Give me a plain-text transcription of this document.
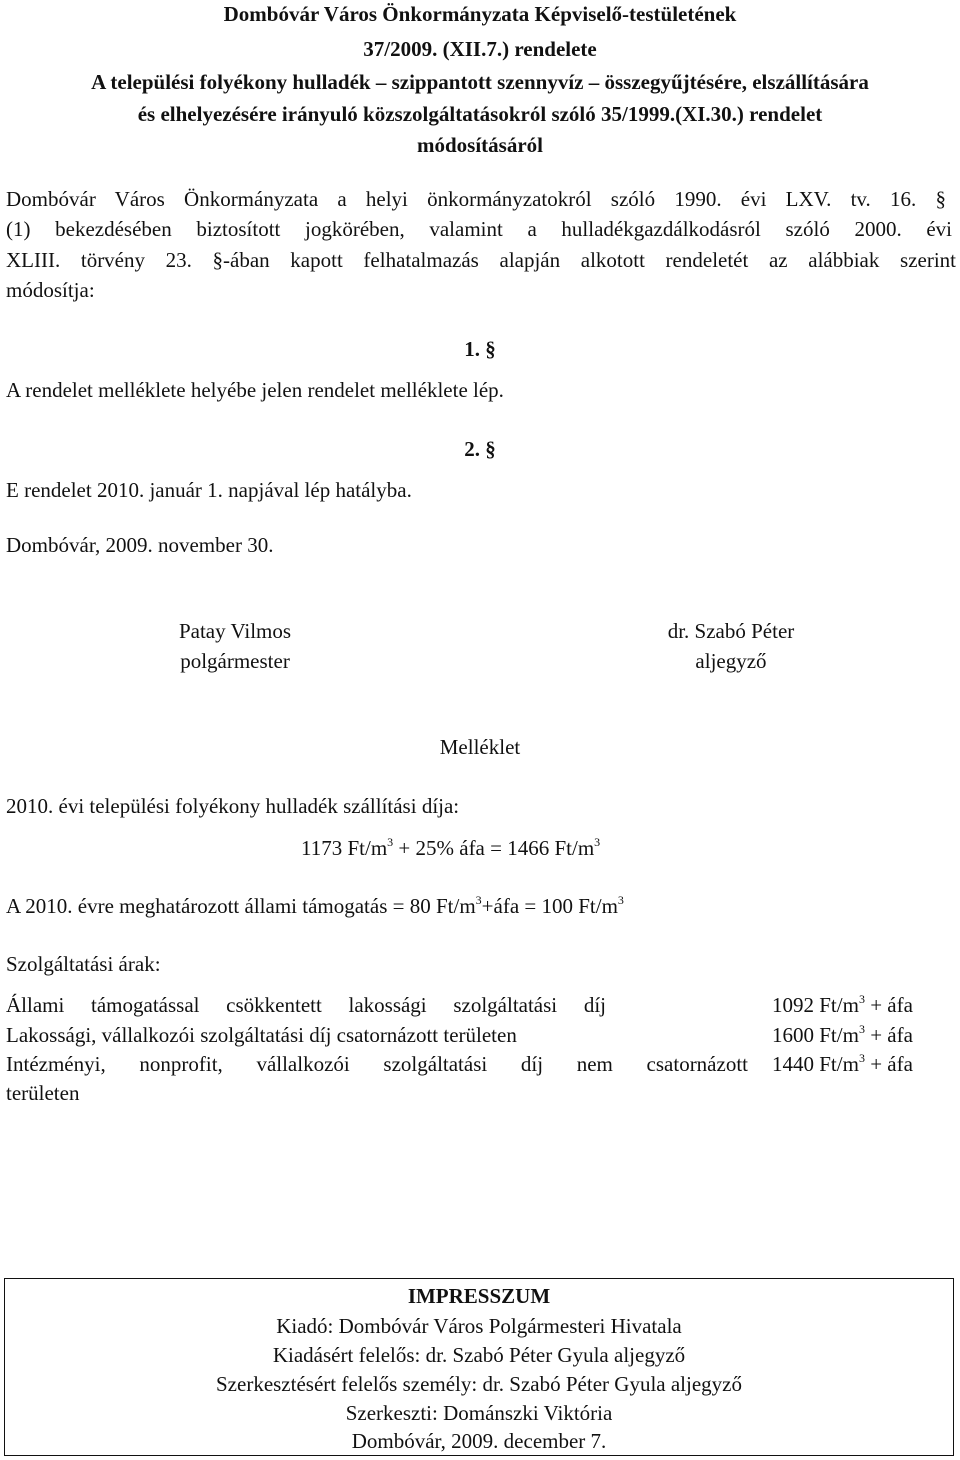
Dombóvár Város Önkormányzata Képviselő-testületének
37/2009. (XII.7.) rendelete
A települési folyékony hulladék – szippantott szennyvíz – összegyűjtésére, elszállítására
és elhelyezésére irányuló közszolgáltatásokról szóló 35/1999.(XI.30.) rendelet
módosításáról
Dombóvár Város Önkormányzata a helyi önkormányzatokról szóló 1990. évi LXV. tv. 16. §
(1) bekezdésében biztosított jogkörében, valamint a hulladékgazdálkodásról szóló 2000. évi
XLIII. törvény 23. §-ában kapott felhatalmazás alapján alkotott rendeletét az alábbiak szerint
módosítja:
1. §
A rendelet melléklete helyébe jelen rendelet melléklete lép.
2. §
E rendelet 2010. január 1. napjával lép hatályba.
Dombóvár, 2009. november 30.
Patay Vilmos
polgármester
dr. Szabó Péter
aljegyző
Melléklet
2010. évi települési folyékony hulladék szállítási díja:
1173 $Ft/m^3 + 25\%$ áfa = 1466 $Ft/m^3$
A 2010. évre meghatározott állami támogatás = 80 $Ft/m^3+áfa = 100$ $Ft/m^3$
Szolgáltatási árak:
Állami támogatással csökkentett lakossági szolgáltatási díj	1092 $Ft/m^3$ + áfa
Lakossági, vállalkozói szolgáltatási díj csatornázott területen	1600 $Ft/m^3$ + áfa
Intézményi, nonprofit, vállalkozói szolgáltatási díj nem csatornázott 1440 $Ft/m^3$ + áfa
területen
IMPRESSZUM
Kiadó: Dombóvár Város Polgármesteri Hivatala
Kiadásért felelős: dr. Szabó Péter Gyula aljegyző
Szerkesztésért felelős személy: dr. Szabó Péter Gyula aljegyző
Szerkeszti: Dománszki Viktória
Dombóvár, 2009. december 7.
